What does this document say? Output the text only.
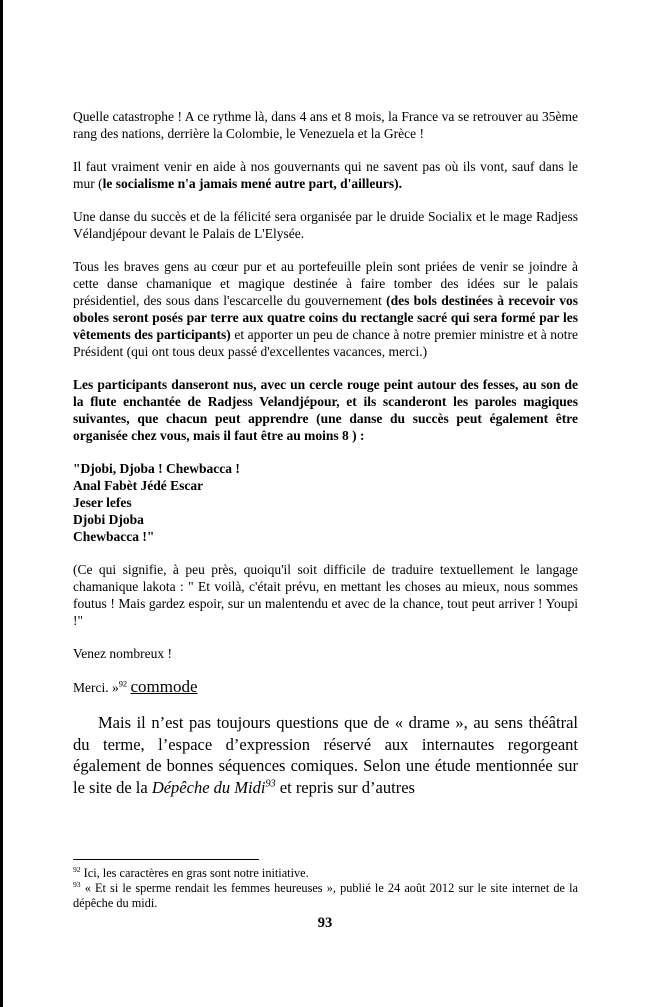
Quelle catastrophe ! A ce rythme là, dans 4 ans et 8 mois, la France va se retrouver au 35ème rang des nations, derrière la Colombie, le Venezuela et la Grèce !

Il faut vraiment venir en aide à nos gouvernants qui ne savent pas où ils vont, sauf dans le mur (le socialisme n'a jamais mené autre part, d'ailleurs).

Une danse du succès et de la félicité sera organisée par le druide Socialix et le mage Radjess Vélandjépour devant le Palais de L'Elysée.

Tous les braves gens au cœur pur et au portefeuille plein sont priées de venir se joindre à cette danse chamanique et magique destinée à faire tomber des idées sur le palais présidentiel, des sous dans l'escarcelle du gouvernement (des bols destinées à recevoir vos oboles seront posés par terre aux quatre coins du rectangle sacré qui sera formé par les vêtements des participants) et apporter un peu de chance à notre premier ministre et à notre Président (qui ont tous deux passé d'excellentes vacances, merci.)

Les participants danseront nus, avec un cercle rouge peint autour des fesses, au son de la flute enchantée de Radjess Velandjépour, et ils scanderont les paroles magiques suivantes, que chacun peut apprendre (une danse du succès peut également être organisée chez vous, mais il faut être au moins 8 ) :

"Djobi, Djoba ! Chewbacca !

Anal Fabèt Jédé Escar

Jeser lefes

Djobi Djoba

Chewbacca !"

(Ce qui signifie, à peu près, quoiqu'il soit difficile de traduire textuellement le langage chamanique lakota : " Et voilà, c'était prévu, en mettant les choses au mieux, nous sommes foutus ! Mais gardez espoir, sur un malentendu et avec de la chance, tout peut arriver ! Youpi !"

Venez nombreux !

Merci. »$^{92}$ commode

Mais il n’est pas toujours questions que de « drame », au sens théâtral du terme, l’espace d’expression réservé aux internautes regorgeant également de bonnes séquences comiques. Selon une étude mentionnée sur le site de la Dépêche du Midi$^{93}$ et repris sur d’autres

$^{92}$ Ici, les caractères en gras sont notre initiative.

$^{93}$ « Et si le sperme rendait les femmes heureuses », publié le 24 août 2012 sur le site internet de la dépêche du midi.

93
